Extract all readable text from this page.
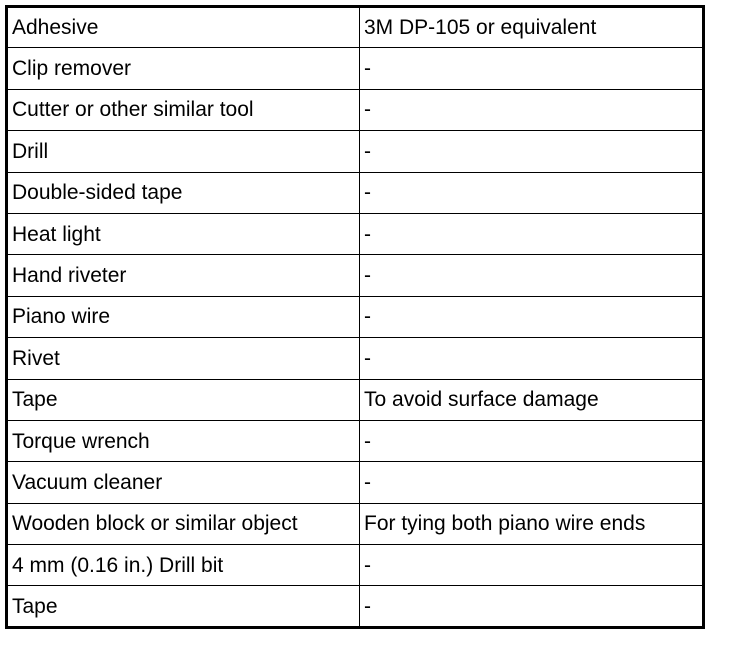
Adhesive	3M DP-105 or equivalent
Clip remover	-
Cutter or other similar tool	-
Drill	-
Double-sided tape	-
Heat light	-
Hand riveter	-
Piano wire	-
Rivet	-
Tape	To avoid surface damage
Torque wrench	-
Vacuum cleaner	-
Wooden block or similar object	For tying both piano wire ends
4 mm (0.16 in.) Drill bit	-
Tape	-
